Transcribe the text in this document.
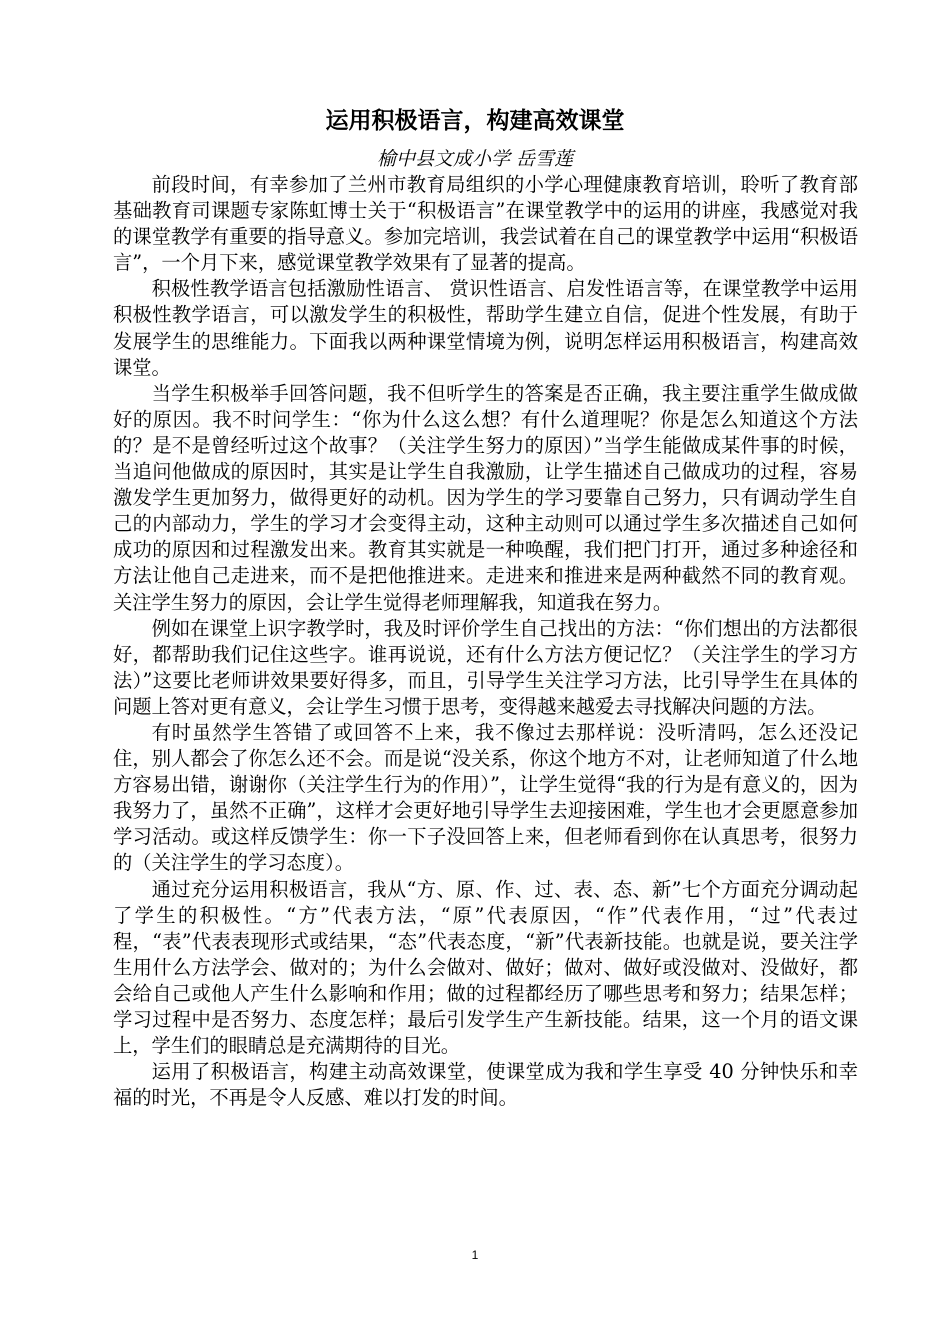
运用积极语言，构建高效课堂
榆中县文成小学 岳雪莲

前段时间，有幸参加了兰州市教育局组织的小学心理健康教育培训，聆听了教育部基础教育司课题专家陈虹博士关于“积极语言”在课堂教学中的运用的讲座，我感觉对我的课堂教学有重要的指导意义。参加完培训，我尝试着在自己的课堂教学中运用“积极语言”，一个月下来，感觉课堂教学效果有了显著的提高。

积极性教学语言包括激励性语言、 赏识性语言、启发性语言等，在课堂教学中运用积极性教学语言，可以激发学生的积极性，帮助学生建立自信，促进个性发展，有助于发展学生的思维能力。下面我以两种课堂情境为例，说明怎样运用积极语言，构建高效课堂。

当学生积极举手回答问题，我不但听学生的答案是否正确，我主要注重学生做成做好的原因。我不时问学生：“你为什么这么想？有什么道理呢？你是怎么知道这个方法的？是不是曾经听过这个故事？（关注学生努力的原因）”当学生能做成某件事的时候，当追问他做成的原因时，其实是让学生自我激励，让学生描述自己做成功的过程，容易激发学生更加努力，做得更好的动机。因为学生的学习要靠自己努力，只有调动学生自己的内部动力，学生的学习才会变得主动，这种主动则可以通过学生多次描述自己如何成功的原因和过程激发出来。教育其实就是一种唤醒，我们把门打开，通过多种途径和方法让他自己走进来，而不是把他推进来。走进来和推进来是两种截然不同的教育观。关注学生努力的原因，会让学生觉得老师理解我，知道我在努力。

例如在课堂上识字教学时，我及时评价学生自己找出的方法：“你们想出的方法都很好，都帮助我们记住这些字。谁再说说，还有什么方法方便记忆？（关注学生的学习方法）”这要比老师讲效果要好得多，而且，引导学生关注学习方法，比引导学生在具体的问题上答对更有意义，会让学生习惯于思考，变得越来越爱去寻找解决问题的方法。

有时虽然学生答错了或回答不上来，我不像过去那样说：没听清吗，怎么还没记住，别人都会了你怎么还不会。而是说“没关系，你这个地方不对，让老师知道了什么地方容易出错，谢谢你（关注学生行为的作用）”，让学生觉得“我的行为是有意义的，因为我努力了，虽然不正确”，这样才会更好地引导学生去迎接困难，学生也才会更愿意参加学习活动。或这样反馈学生：你一下子没回答上来，但老师看到你在认真思考，很努力的（关注学生的学习态度）。

通过充分运用积极语言，我从“方、原、作、过、表、态、新”七个方面充分调动起了学生的积极性。“方”代表方法，“原”代表原因，“作”代表作用，“过”代表过程，“表”代表表现形式或结果，“态”代表态度，“新”代表新技能。也就是说，要关注学生用什么方法学会、做对的；为什么会做对、做好；做对、做好或没做对、没做好，都会给自己或他人产生什么影响和作用；做的过程都经历了哪些思考和努力；结果怎样；学习过程中是否努力、态度怎样；最后引发学生产生新技能。结果，这一个月的语文课上，学生们的眼睛总是充满期待的目光。

运用了积极语言，构建主动高效课堂，使课堂成为我和学生享受 40 分钟快乐和幸福的时光，不再是令人反感、难以打发的时间。

1
